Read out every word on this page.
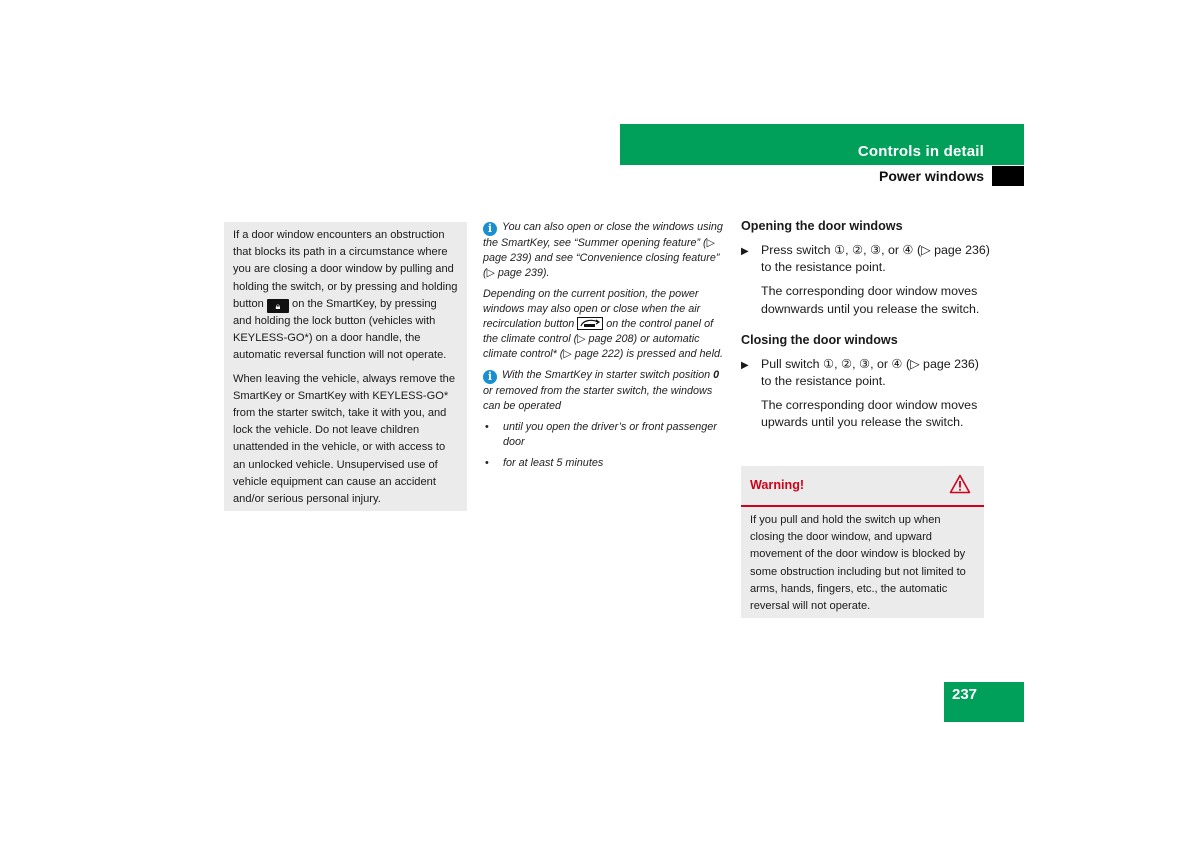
Controls in detail
Power windows

If a door window encounters an obstruction that blocks its path in a circumstance where you are closing a door window by pulling and holding the switch, or by pressing and holding button 🔒︎ on the SmartKey, by pressing and holding the lock button (vehicles with KEYLESS-GO*) on a door handle, the automatic reversal function will not operate.

When leaving the vehicle, always remove the SmartKey or SmartKey with KEYLESS-GO* from the starter switch, take it with you, and lock the vehicle. Do not leave children unattended in the vehicle, or with access to an unlocked vehicle. Unsupervised use of vehicle equipment can cause an accident and/or serious personal injury.

i You can also open or close the windows using the SmartKey, see “Summer opening feature” (▷ page 239) and see “Convenience closing feature” (▷ page 239).

Depending on the current position, the power windows may also open or close when the air recirculation button	on the control panel of the climate control (▷ page 208) or automatic climate control* (▷ page 222) is pressed and held.

i With the SmartKey in starter switch position 0 or removed from the starter switch, the windows can be operated

• until you open the driver’s or front passenger door
• for at least 5 minutes
Opening the door windows
▶ Press switch ①, ②, ③, or ④ (▷ page 236) to the resistance point.
The corresponding door window moves downwards until you release the switch.
Closing the door windows
▶ Pull switch ①, ②, ③, or ④ (▷ page 236) to the resistance point.
The corresponding door window moves upwards until you release the switch.
Warning!
If you pull and hold the switch up when closing the door window, and upward movement of the door window is blocked by some obstruction including but not limited to arms, hands, fingers, etc., the automatic reversal will not operate.
237
